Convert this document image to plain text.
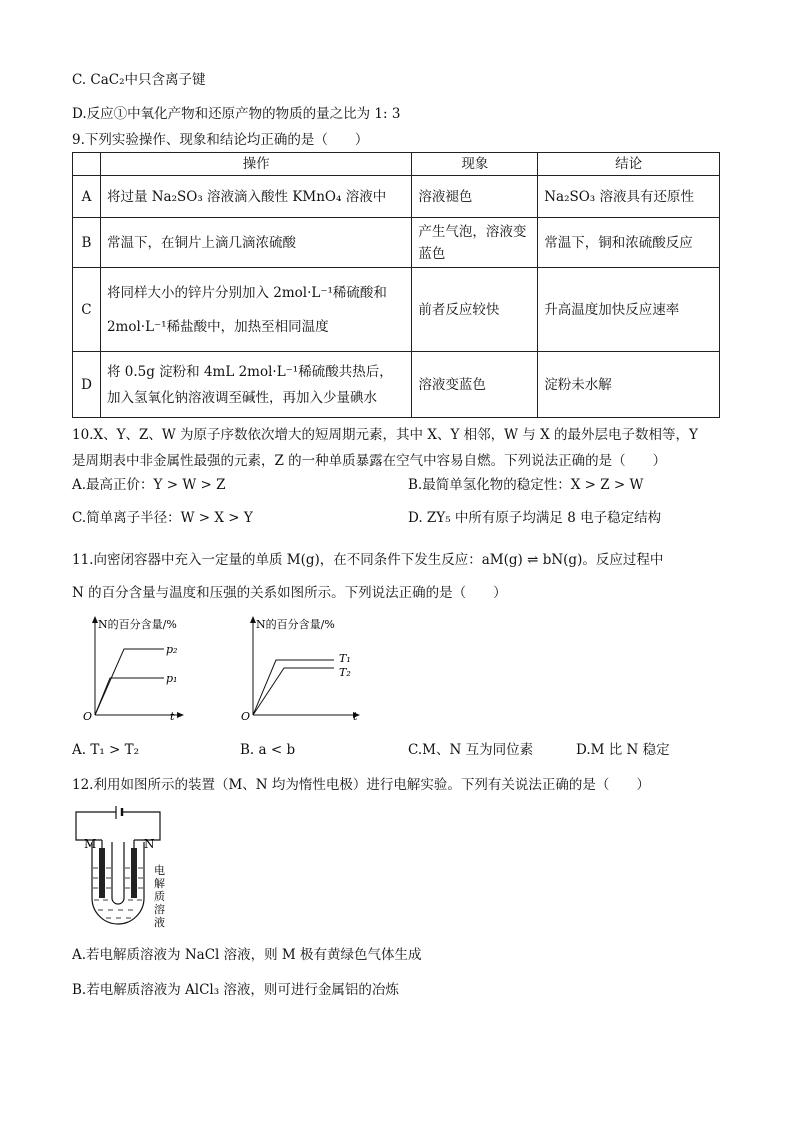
C. CaC₂中只含离子键
D.反应①中氧化产物和还原产物的物质的量之比为 1: 3
9.下列实验操作、现象和结论均正确的是（　　）
	操作	现象	结论
A	将过量 Na₂SO₃ 溶液滴入酸性 KMnO₄ 溶液中	溶液褪色	Na₂SO₃ 溶液具有还原性
B	常温下，在铜片上滴几滴浓硫酸	产生气泡，溶液变蓝色	常温下，铜和浓硫酸反应
C	将同样大小的锌片分别加入 2mol·L⁻¹稀硫酸和 2mol·L⁻¹稀盐酸中，加热至相同温度	前者反应较快	升高温度加快反应速率
D	将 0.5g 淀粉和 4mL 2mol·L⁻¹稀硫酸共热后，加入氢氧化钠溶液调至碱性，再加入少量碘水	溶液变蓝色	淀粉未水解
10.X、Y、Z、W 为原子序数依次增大的短周期元素，其中 X、Y 相邻，W 与 X 的最外层电子数相等，Y
是周期表中非金属性最强的元素，Z 的一种单质暴露在空气中容易自燃。下列说法正确的是（　　）
A.最高正价：Y > W > Z	B.最简单氢化物的稳定性：X > Z > W
C.简单离子半径：W > X > Y	D. ZY₅ 中所有原子均满足 8 电子稳定结构
11.向密闭容器中充入一定量的单质 M(g)，在不同条件下发生反应：aM(g) ⇌ bN(g)。反应过程中
N 的百分含量与温度和压强的关系如图所示。下列说法正确的是（　　）
N的百分含量/%
p₂
p₁
O	t
N的百分含量/%
T₁
T₂
O	t
A. T₁ > T₂	B. a < b	C.M、N 互为同位素	D.M 比 N 稳定
12.利用如图所示的装置（M、N 均为惰性电极）进行电解实验。下列有关说法正确的是（　　）
M	N
电
解
质
溶
液
A.若电解质溶液为 NaCl 溶液，则 M 极有黄绿色气体生成
B.若电解质溶液为 AlCl₃ 溶液，则可进行金属铝的冶炼
